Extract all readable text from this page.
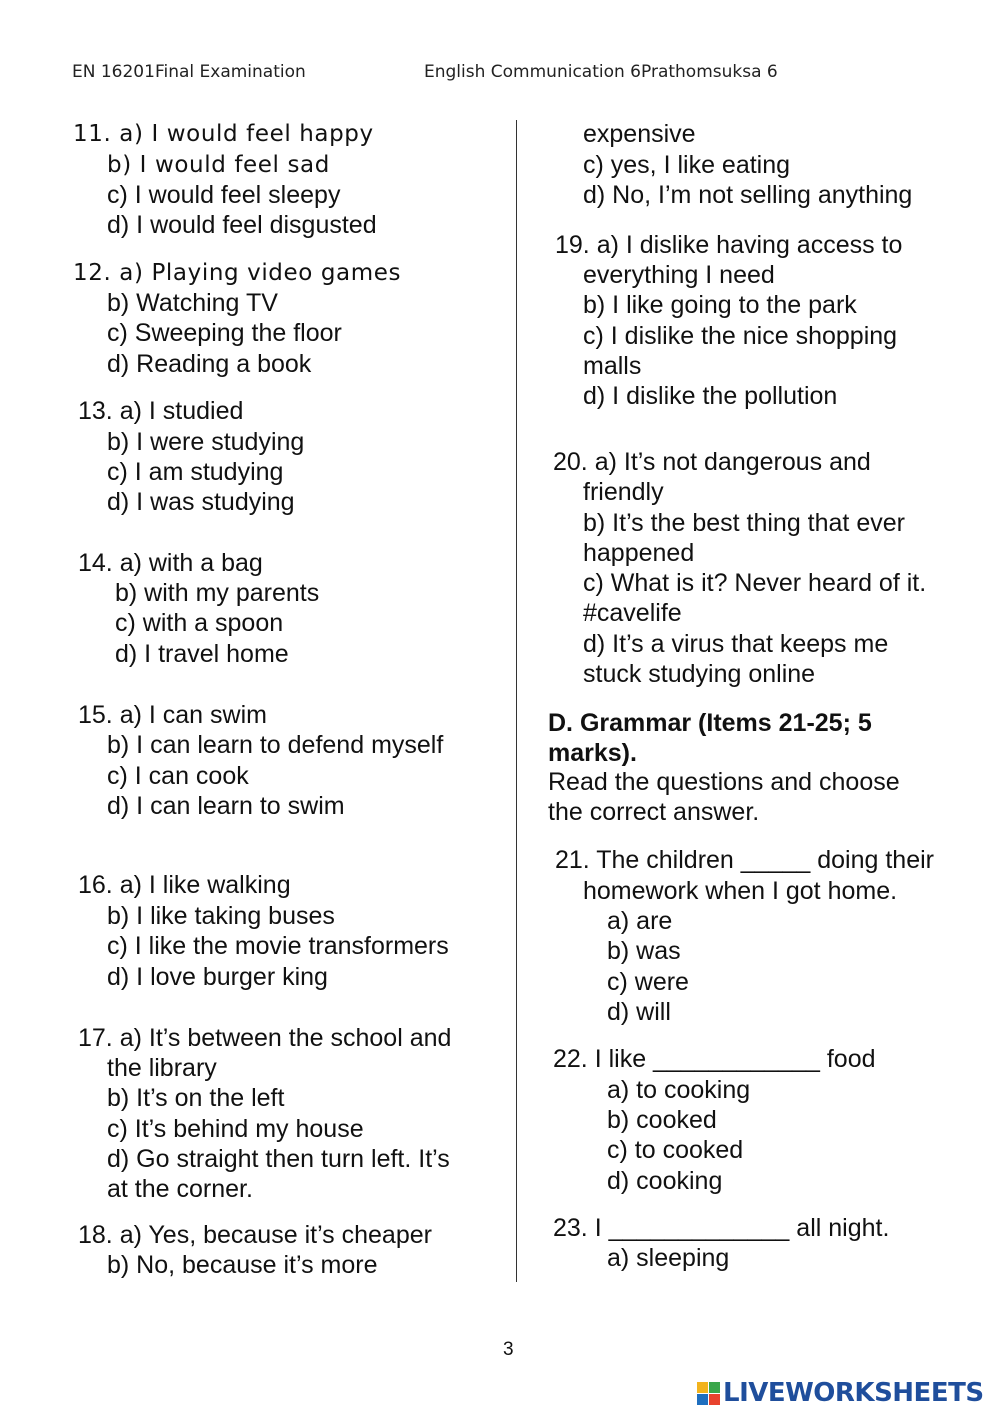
EN 16201Final Examination	English Communication 6Prathomsuksa 6
11. a) I would feel happy
b) I would feel sad
c) I would feel sleepy
d) I would feel disgusted
12. a) Playing video games
b) Watching TV
c) Sweeping the floor
d) Reading a book
13. a) I studied
b) I were studying
c) I am studying
d) I was studying
14. a) with a bag
b) with my parents
c) with a spoon
d) I travel home
15. a) I can swim
b) I can learn to defend myself
c) I can cook
d) I can learn to swim
16. a) I like walking
b) I like taking buses
c) I like the movie transformers
d) I love burger king
17. a) It’s between the school and
the library
b) It’s on the left
c) It’s behind my house
d) Go straight then turn left. It’s
at the corner.
18. a) Yes, because it’s cheaper
b) No, because it’s more
expensive
c) yes, I like eating
d) No, I’m not selling anything
19. a) I dislike having access to
everything I need
b) I like going to the park
c) I dislike the nice shopping
malls
d) I dislike the pollution
20. a) It’s not dangerous and
friendly
b) It’s the best thing that ever
happened
c) What is it? Never heard of it.
#cavelife
d) It’s a virus that keeps me
stuck studying online
D. Grammar (Items 21-25; 5
marks).
Read the questions and choose
the correct answer.
21. The children _____ doing their
homework when I got home.
a) are
b) was
c) were
d) will
22. I like ____________ food
a) to cooking
b) cooked
c) to cooked
d) cooking
23. I _____________ all night.
a) sleeping
3
LIVEWORKSHEETS
